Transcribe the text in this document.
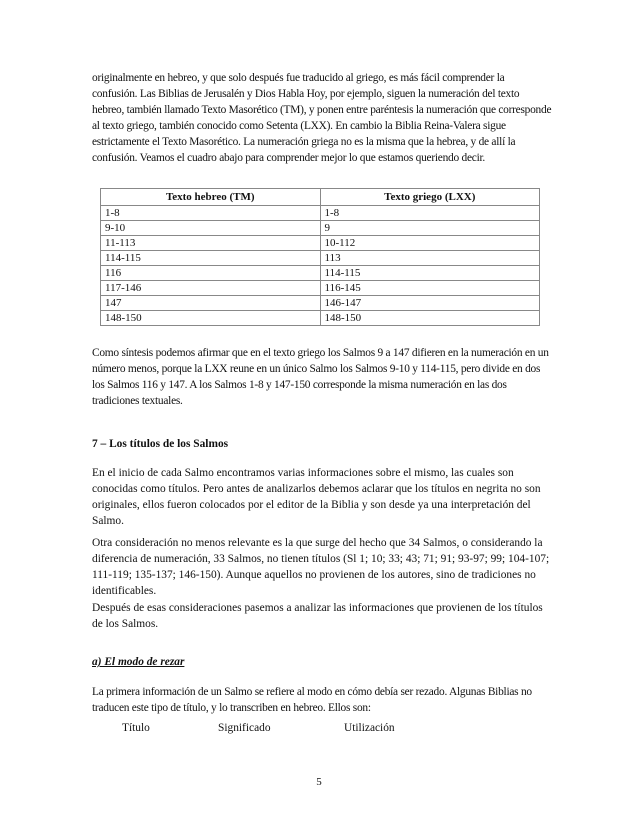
originalmente en hebreo, y que solo después fue traducido al griego, es más fácil comprender la confusión. Las Biblias de Jerusalén y Dios Habla Hoy, por ejemplo, siguen la numeración del texto hebreo, también llamado Texto Masorético (TM), y ponen entre paréntesis la numeración que corresponde al texto griego, también conocido como Setenta (LXX). En cambio la Biblia Reina-Valera sigue estrictamente el Texto Masorético. La numeración griega no es la misma que la hebrea, y de allí la confusión. Veamos el cuadro abajo para comprender mejor lo que estamos queriendo decir.

Texto hebreo (TM)	Texto griego (LXX)
1-8	1-8
9-10	9
11-113	10-112
114-115	113
116	114-115
117-146	116-145
147	146-147
148-150	148-150

Como síntesis podemos afirmar que en el texto griego los Salmos 9 a 147 difieren en la numeración en un número menos, porque la LXX reune en un único Salmo los Salmos 9-10 y 114-115, pero divide en dos los Salmos 116 y 147. A los Salmos 1-8 y 147-150 corresponde la misma numeración en las dos tradiciones textuales.

7 – Los títulos de los Salmos

En el inicio de cada Salmo encontramos varias informaciones sobre el mismo, las cuales son conocidas como títulos. Pero antes de analizarlos debemos aclarar que los títulos en negrita no son originales, ellos fueron colocados por el editor de la Biblia y son desde ya una interpretación del Salmo.

Otra consideración no menos relevante es la que surge del hecho que 34 Salmos, o considerando la diferencia de numeración, 33 Salmos, no tienen títulos (Sl 1; 10; 33; 43; 71; 91; 93-97; 99; 104-107; 111-119; 135-137; 146-150). Aunque aquellos no provienen de los autores, sino de tradiciones no identificables.

Después de esas consideraciones pasemos a analizar las informaciones que provienen de los títulos de los Salmos.

a) El modo de rezar

La primera información de un Salmo se refiere al modo en cómo debía ser rezado. Algunas Biblias no traducen este tipo de título, y lo transcriben en hebreo. Ellos son:

Título	Significado	Utilización
5
